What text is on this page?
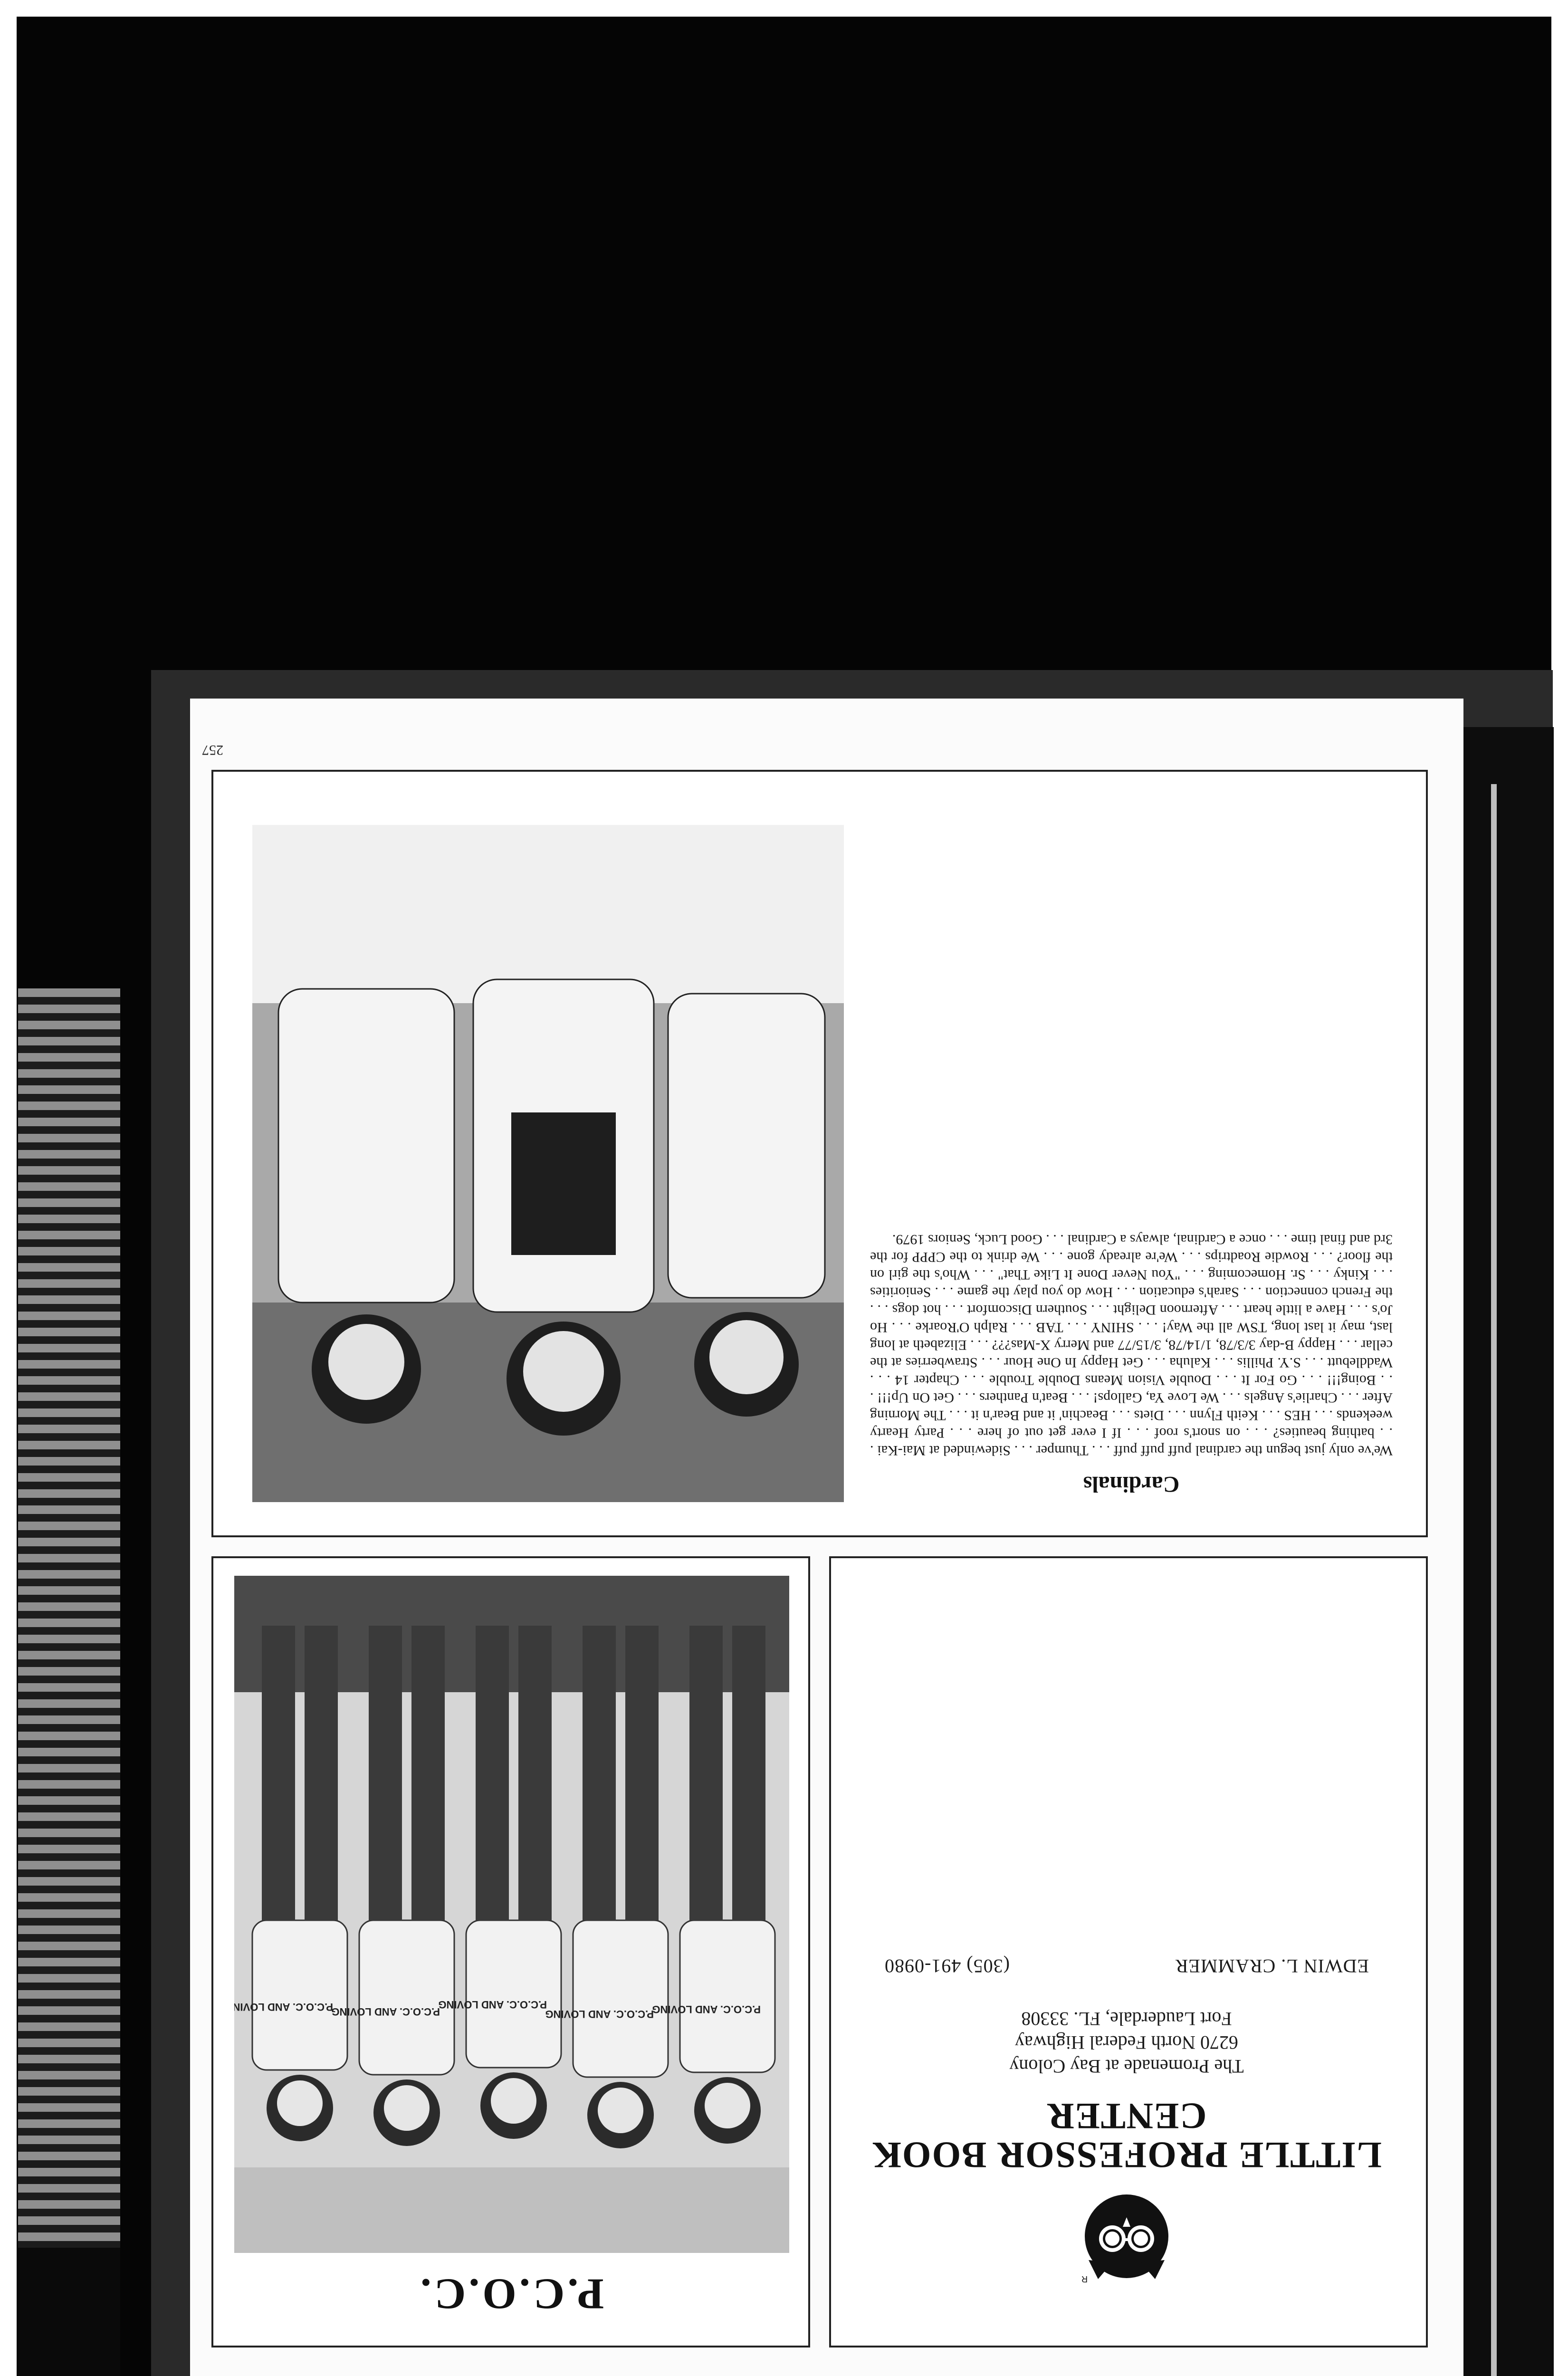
R
LITTLE PROFESSOR BOOK CENTER
The Promenade at Bay Colony
6270 North Federal Highway
Fort Lauderdale, FL. 33308
EDWIN L. CRAMMER
(305) 491-0980
P.C.O.C.
P.C.O.C. AND LOVING
P.C.O.C. AND LOVING
P.C.O.C. AND LOVING
P.C.O.C. AND LOVING
P.C.O.C. AND LOVING
Cardinals
We've only just begun the cardinal puff puff puff . . . Thumper . . . Sidewinded at Mai-Kai . . . bathing beauties? . . . on snort's roof . . . If I ever get out of here . . . Party Hearty weekends . . . HES . . . Keith Flynn . . . Diets . . . Beachin' it and Bear'n it . . . The Morning After . . . Charlie's Angels . . . We Love Ya, Gallops! . . . Beat'n Panthers . . . Get On Up!!! . . . Boing!!! . . . Go For It . . . Double Vision Means Double Trouble . . . Chapter 14 . . . Waddlebutt . . . S.Y. Phillis . . . Kaluha . . . Get Happy In One Hour . . . Strawberries at the cellar . . . Happy B-day 3/3/78, 1/14/78, 3/15/77 and Merry X-Mas??? . . . Elizabeth at long last, may it last long, TSW all the Way! . . . SHINY . . . TAB . . . Ralph O'Roarke . . . Ho Jo's . . . Have a little heart . . . Afternoon Delight . . . Southern Discomfort . . . hot dogs . . . the French connection . . . Sarah's education . . . How do you play the game . . . Seniorities . . . Kinky . . . Sr. Homecoming . . . "You Never Done It Like That" . . . Who's the girl on the floor? . . . Rowdie Roadtrips . . . We're already gone . . . We drink to the CPPP for the 3rd and final time . . . once a Cardinal, always a Cardinal . . . Good Luck, Seniors 1979.
257
